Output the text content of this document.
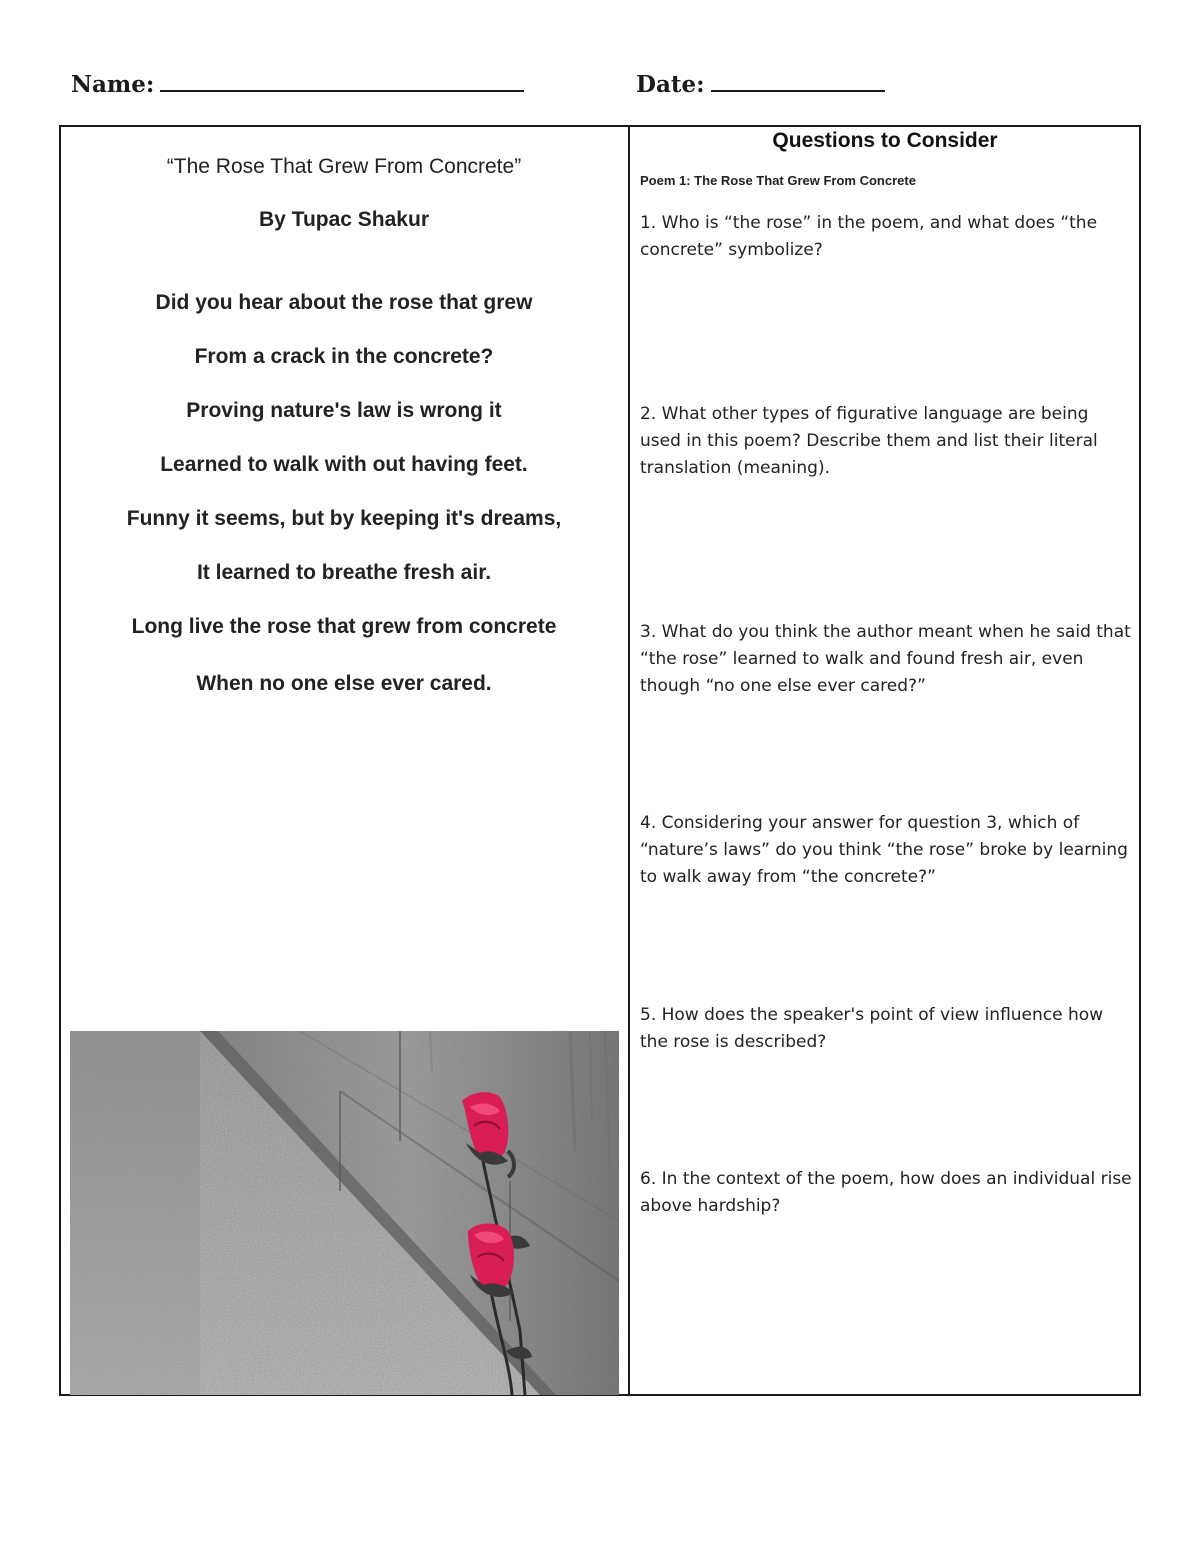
Name:	Date:
“The Rose That Grew From Concrete”
By Tupac Shakur
Did you hear about the rose that grew
From a crack in the concrete?
Proving nature's law is wrong it
Learned to walk with out having feet.
Funny it seems, but by keeping it's dreams,
It learned to breathe fresh air.
Long live the rose that grew from concrete
When no one else ever cared.
Questions to Consider
Poem 1: The Rose That Grew From Concrete
1. Who is “the rose” in the poem, and what does “the concrete” symbolize?
2. What other types of figurative language are being used in this poem? Describe them and list their literal translation (meaning).
3. What do you think the author meant when he said that “the rose” learned to walk and found fresh air, even though “no one else ever cared?”
4. Considering your answer for question 3, which of “nature’s laws” do you think “the rose” broke by learning to walk away from “the concrete?”
5. How does the speaker's point of view influence how the rose is described?
6. In the context of the poem, how does an individual rise above hardship?
